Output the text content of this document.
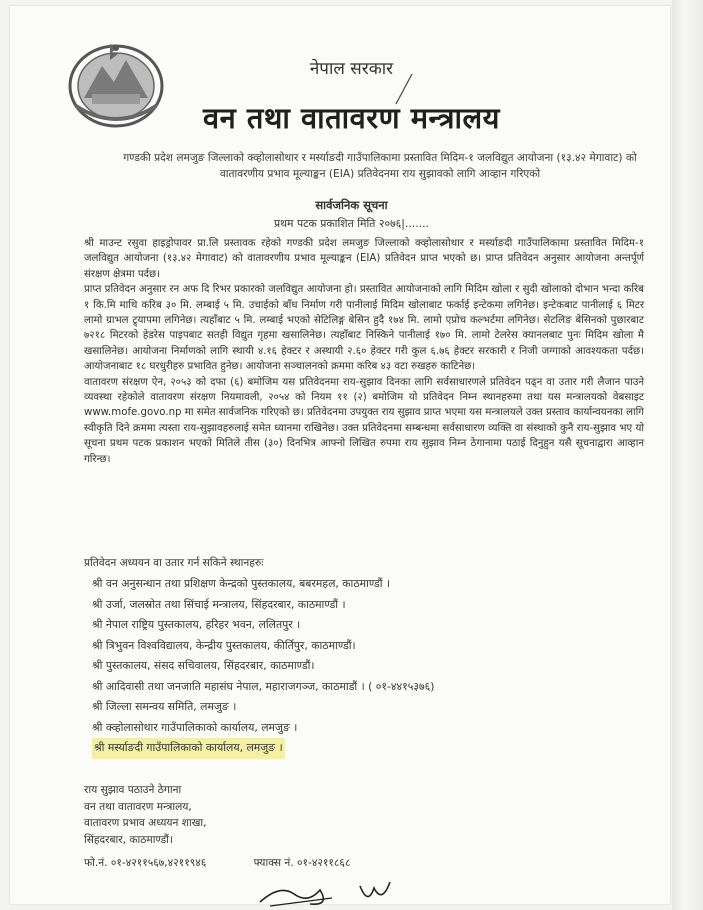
नेपाल सरकार
वन तथा वातावरण मन्त्रालय
गण्डकी प्रदेश लमजुङ जिल्लाको क्व्होलासोथार र मर्स्याङदी गाउँपालिकामा प्रस्तावित मिदिम-१ जलविद्युत आयोजना (१३.४२ मेगावाट) को वातावरणीय प्रभाव मूल्याङ्कन (EIA) प्रतिवेदनमा राय सुझावको लागि आव्हान गरिएको
सार्वजनिक सूचना
प्रथम पटक प्रकाशित मिति २०७६|.......

श्री माउन्ट रसुवा हाइड्रोपावर प्रा.लि प्रस्तावक रहेको गण्डकी प्रदेश लमजुङ जिल्लाको क्व्होलासोथार र मर्स्याङदी गाउँपालिकामा प्रस्तावित मिदिम-१ जलविद्युत आयोजना (१३.४२ मेगावाट) को वातावरणीय प्रभाव मूल्याङ्कन (EIA) प्रतिवेदन प्राप्त भएको छ। प्राप्त प्रतिवेदन अनुसार आयोजना अन्तर्पूर्ण संरक्षण क्षेत्रमा पर्दछ।

प्राप्त प्रतिवेदन अनुसार रन अफ दि रिभर प्रकारको जलविद्युत आयोजना हो। प्रस्तावित आयोजनाको लागि मिदिम खोला र सुदी खोलाको दोभान भन्दा करिब १ कि.मि माथि करिब ३० मि. लम्बाई ५ मि. उचाईको बाँध निर्माण गरी पानीलाई मिदिम खोलाबाट फर्काई इन्टेकमा लगिनेछ। इन्टेकबाट पानीलाई ६ मिटर लामो ग्राभल ट्र्यापमा लगिनेछ। त्यहाँबाट ५ मि. लम्बाई भएको सेटिलिङ्ग बेसिन हुदै १७४ मि. लामो एप्रोच कल्भर्टमा लगिनेछ। सेटलिङ बेसिनको पुछारबाट ७२१८ मिटरको हेडरेस पाइपबाट सतही विद्युत गृहमा खसालिनेछ। त्यहाँबाट निस्किने पानीलाई १७० मि. लामो टेलरेस क्यानलबाट पुनः मिदिम खोला मै खसालिनेछ। आयोजना निर्माणको लागि स्थायी ४.१६ हेक्टर र अस्थायी २.६० हेक्टर गरी कुल ६.७६ हेक्टर सरकारी र निजी जग्गाको आवश्यकता पर्दछ। आयोजनाबाट १८ घरधुरीहरु प्रभावित हुनेछ। आयोजना सञ्चालनको क्रममा करिब ४३ वटा रुखहरु काटिनेछ।

वातावरण संरक्षण ऐन, २०५३ को दफा (६) बमोजिम यस प्रतिवेदनमा राय-सुझाव दिनका लागि सर्वसाधारणले प्रतिवेदन पढ्न वा उतार गरी लैजान पाउने व्यवस्था रहेकोले वातावरण संरक्षण नियमावली, २०५४ को नियम ११ (२) बमोजिम यो प्रतिवेदन निम्न स्थानहरुमा तथा यस मन्त्रालयको वेबसाइट www.mofe.govo.np मा समेत सार्वजनिक गरिएको छ। प्रतिवेदनमा उपयुक्त राय सुझाव प्राप्त भएमा यस मन्त्रालयले उक्त प्रस्ताव कार्यान्वयनका लागि स्वीकृति दिने क्रममा त्यस्ता राय-सुझावहरुलाई समेत ध्यानमा राखिनेछ। उक्त प्रतिवेदनमा सम्बन्धमा सर्वसाधारण व्यक्ति वा संस्थाको कुनै राय-सुझाव भए यो सूचना प्रथम पटक प्रकाशन भएको मितिले तीस (३०) दिनभित्र आफ्नो लिखित रुपमा राय सुझाव निम्न ठेगानामा पठाई दिनुहुन यसै सूचनाद्वारा आव्हान गरिन्छ।

प्रतिवेदन अध्ययन वा उतार गर्न सकिने स्थानहरुः
श्री वन अनुसन्धान तथा प्रशिक्षण केन्द्रको पुस्तकालय, बबरमहल, काठमाण्डौं ।
श्री उर्जा, जलस्रोत तथा सिंचाई मन्त्रालय, सिंहदरबार, काठमाण्डौं ।
श्री नेपाल राष्ट्रिय पुस्तकालय, हरिहर भवन, ललितपुर ।
श्री त्रिभुवन विश्वविद्यालय, केन्द्रीय पुस्तकालय, कीर्तिपुर, काठमाण्डौं।
श्री पुस्तकालय, संसद सचिवालय, सिंहदरबार, काठमाण्डौं।
श्री आदिवासी तथा जनजाति महासंघ नेपाल, महाराजगञ्ज, काठमाडौं । ( ०१-४४१५३७६)
श्री जिल्ला समन्वय समिति, लमजुङ ।
श्री क्व्होलासोथार गाउँपालिकाको कार्यालय, लमजुङ ।
श्री मर्स्याङदी गाउँपालिकाको कार्यालय, लमजुङ ।
राय सुझाव पठाउने ठेगाना
वन तथा वातावरण मन्त्रालय,
वातावरण प्रभाव अध्ययन शाखा,
सिंहदरबार, काठमाण्डौं।
फो.नं. ०१-४२११५६७,४२११९४६	फ्याक्स नं. ०१-४२११८६८
